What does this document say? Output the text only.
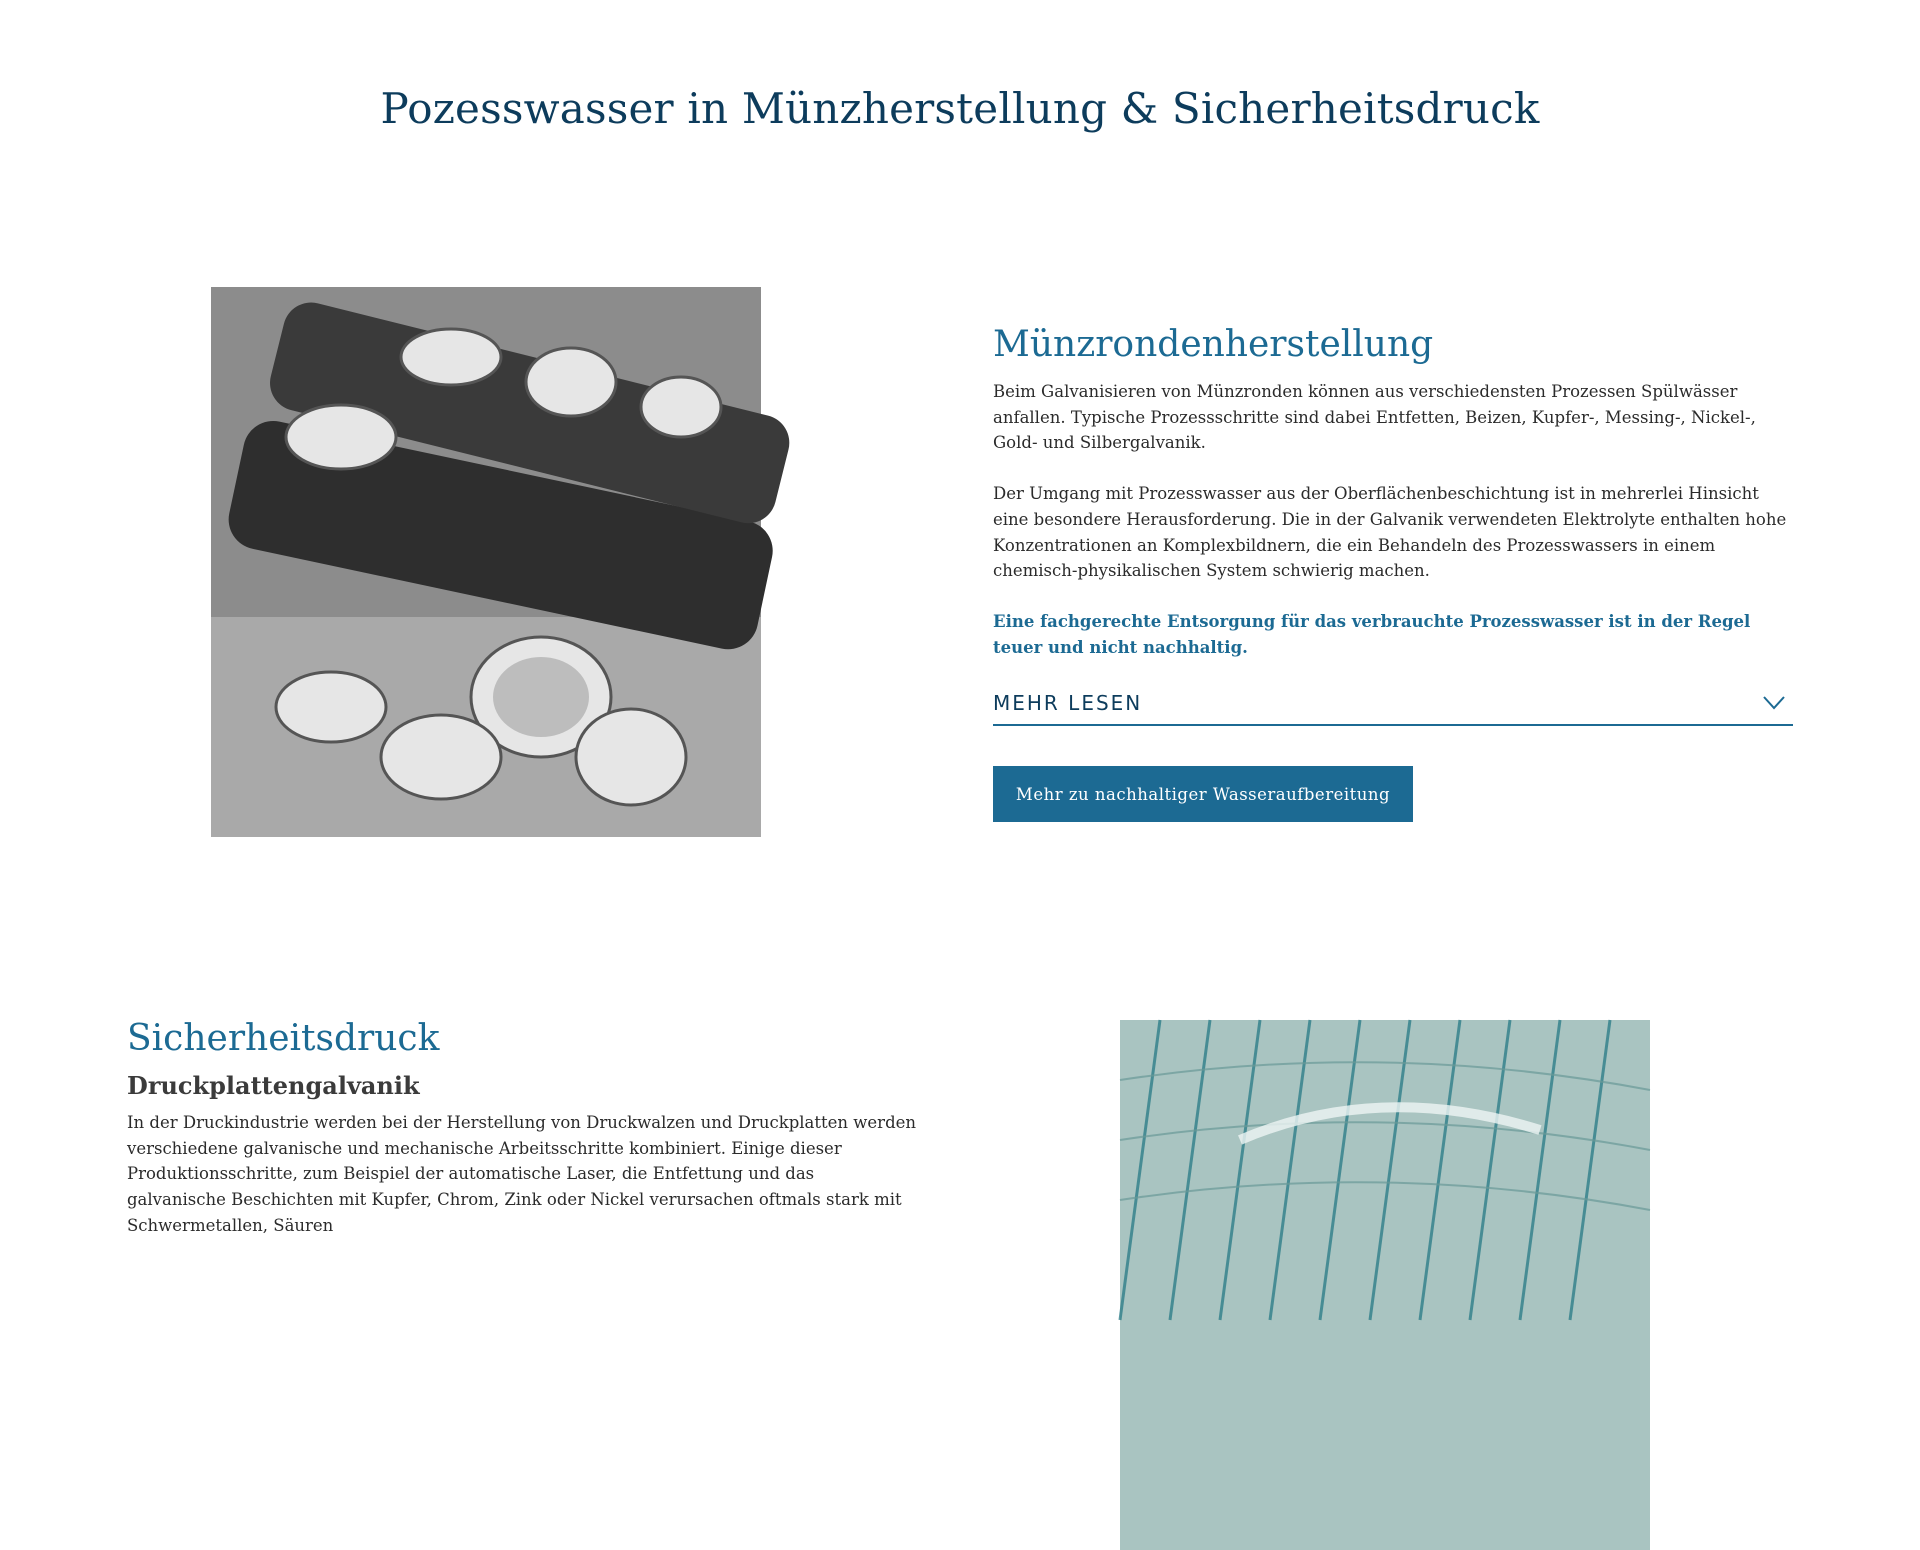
Pozesswasser in Münzherstellung & Sicherheitsdruck
Münzrondenherstellung

Beim Galvanisieren von Münzronden können aus verschiedensten Prozessen Spülwässer anfallen. Typische Prozessschritte sind dabei Entfetten, Beizen, Kupfer-, Messing-, Nickel-, Gold- und Silbergalvanik.

Der Umgang mit Prozesswasser aus der Oberflächenbeschichtung ist in mehrerlei Hinsicht eine besondere Herausforderung. Die in der Galvanik verwendeten Elektrolyte enthalten hohe Konzentrationen an Komplexbildnern, die ein Behandeln des Prozesswassers in einem chemisch-physikalischen System schwierig machen.

Eine fachgerechte Entsorgung für das verbrauchte Prozesswasser ist in der Regel teuer und nicht nachhaltig.

MEHR LESEN
Mehr zu nachhaltiger Wasseraufbereitung
Sicherheitsdruck
Druckplattengalvanik

In der Druckindustrie werden bei der Herstellung von Druckwalzen und Druckplatten werden verschiedene galvanische und mechanische Arbeitsschritte kombiniert. Einige dieser Produktionsschritte, zum Beispiel der automatische Laser, die Entfettung und das galvanische Beschichten mit Kupfer, Chrom, Zink oder Nickel verursachen oftmals stark mit Schwermetallen, Säuren
